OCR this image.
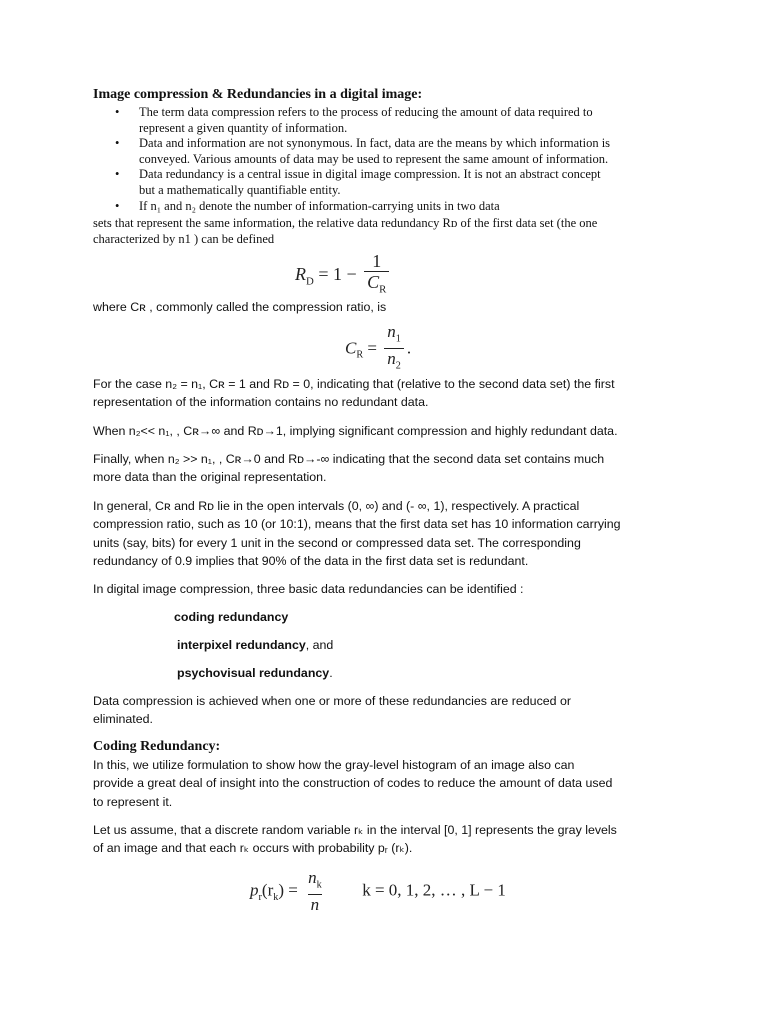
Image compression & Redundancies in a digital image:
• The term data compression refers to the process of reducing the amount of data required to
represent a given quantity of information.
• Data and information are not synonymous. In fact, data are the means by which information is
conveyed. Various amounts of data may be used to represent the same amount of information.
• Data redundancy is a central issue in digital image compression. It is not an abstract concept
but a mathematically quantifiable entity.
• If n₁ and n₂ denote the number of information-carrying units in two data
sets that represent the same information, the relative data redundancy Rᴅ of the first data set (the one
characterized by n1 ) can be defined
$R_D = 1 - \frac{1}{C_R}$
where Cʀ , commonly called the compression ratio, is
$C_R = \frac{n_1}{n_2}$ .
For the case n₂ = n₁, Cʀ = 1 and Rᴅ = 0, indicating that (relative to the second data set) the first
representation of the information contains no redundant data.
When n₂<< n₁, , Cʀ→∞ and Rᴅ→1, implying significant compression and highly redundant data.
Finally, when n₂ >> n₁, , Cʀ→0 and Rᴅ→-∞ indicating that the second data set contains much
more data than the original representation.
In general, Cʀ and Rᴅ lie in the open intervals (0, ∞) and (- ∞, 1), respectively. A practical
compression ratio, such as 10 (or 10:1), means that the first data set has 10 information carrying
units (say, bits) for every 1 unit in the second or compressed data set. The corresponding
redundancy of 0.9 implies that 90% of the data in the first data set is redundant.
In digital image compression, three basic data redundancies can be identified :
coding redundancy
interpixel redundancy, and
psychovisual redundancy.
Data compression is achieved when one or more of these redundancies are reduced or
eliminated.
Coding Redundancy:
In this, we utilize formulation to show how the gray-level histogram of an image also can
provide a great deal of insight into the construction of codes to reduce the amount of data used
to represent it.
Let us assume, that a discrete random variable rₖ in the interval [0, 1] represents the gray levels
of an image and that each rₖ occurs with probability pᵣ (rₖ).
$p_r(r_k) = \frac{n_k}{n}$ k = 0, 1, 2, … , L − 1
